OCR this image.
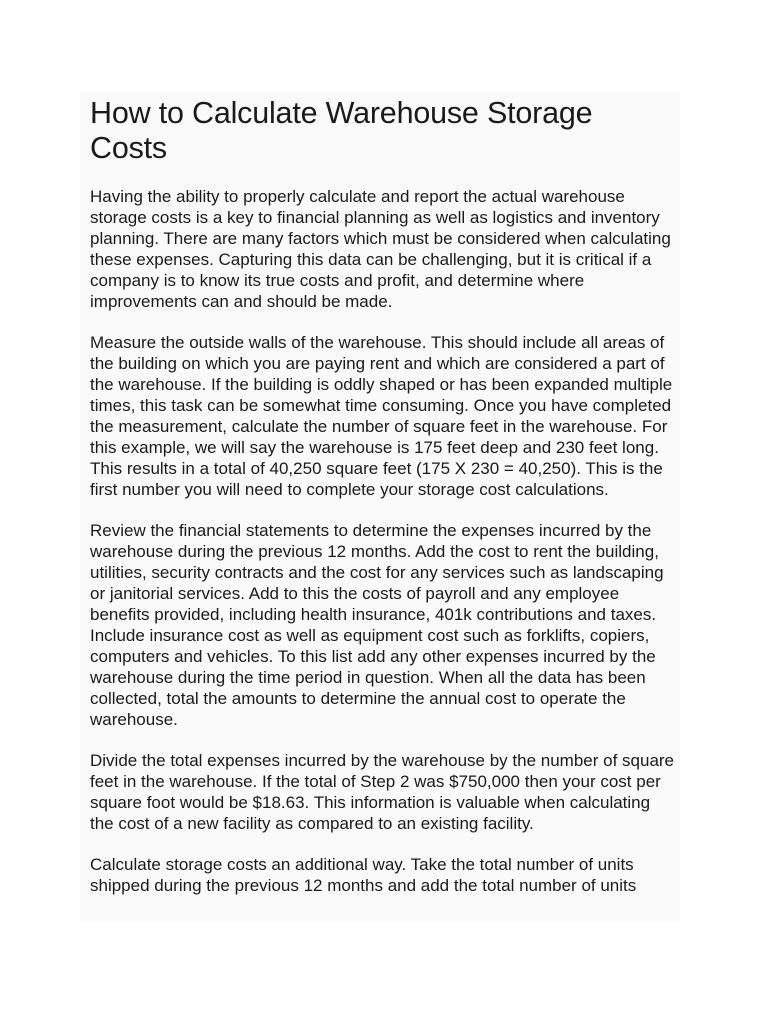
How to Calculate Warehouse Storage Costs

Having the ability to properly calculate and report the actual warehouse storage costs is a key to financial planning as well as logistics and inventory planning. There are many factors which must be considered when calculating these expenses. Capturing this data can be challenging, but it is critical if a company is to know its true costs and profit, and determine where improvements can and should be made.

Measure the outside walls of the warehouse. This should include all areas of the building on which you are paying rent and which are considered a part of the warehouse. If the building is oddly shaped or has been expanded multiple times, this task can be somewhat time consuming. Once you have completed the measurement, calculate the number of square feet in the warehouse. For this example, we will say the warehouse is 175 feet deep and 230 feet long. This results in a total of 40,250 square feet (175 X 230 = 40,250). This is the first number you will need to complete your storage cost calculations.

Review the financial statements to determine the expenses incurred by the warehouse during the previous 12 months. Add the cost to rent the building, utilities, security contracts and the cost for any services such as landscaping or janitorial services. Add to this the costs of payroll and any employee benefits provided, including health insurance, 401k contributions and taxes. Include insurance cost as well as equipment cost such as forklifts, copiers, computers and vehicles. To this list add any other expenses incurred by the warehouse during the time period in question. When all the data has been collected, total the amounts to determine the annual cost to operate the warehouse.

Divide the total expenses incurred by the warehouse by the number of square feet in the warehouse. If the total of Step 2 was $750,000 then your cost per square foot would be $18.63. This information is valuable when calculating the cost of a new facility as compared to an existing facility.

Calculate storage costs an additional way. Take the total number of units shipped during the previous 12 months and add the total number of units
